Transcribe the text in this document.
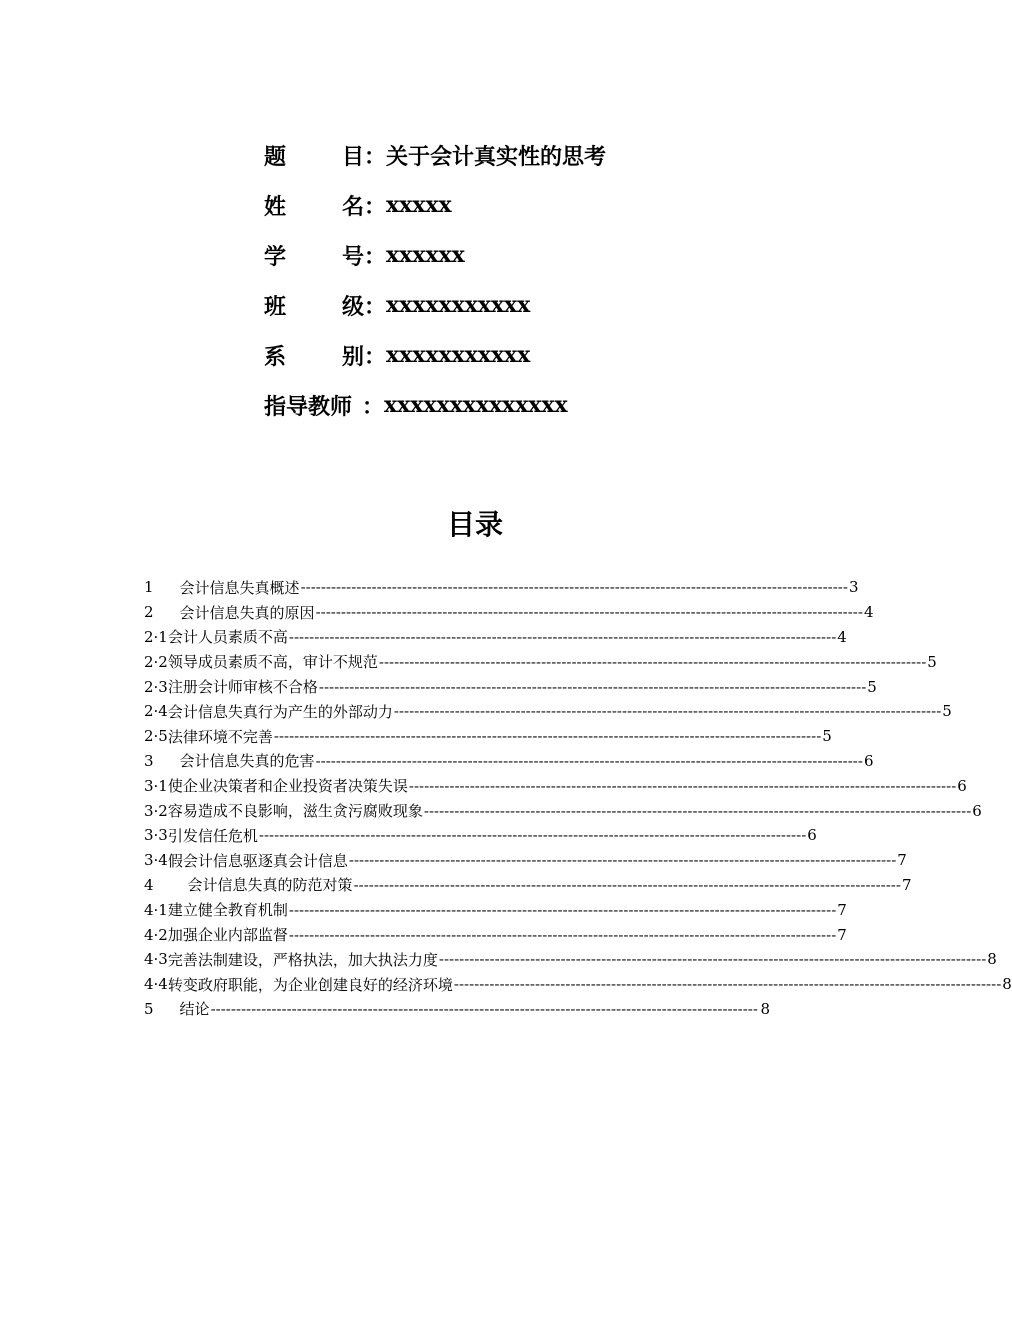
题	目 ： 关于会计真实性的思考
姓	名 ： xxxxx
学	号 ： xxxxxx
班	级 ： xxxxxxxxxxx
系	别 ： xxxxxxxxxxx
指导教师 ： xxxxxxxxxxxxxx
目录
1	会计信息失真概述 ------------------------------------------------------------------------------------------------------------ 3
2	会计信息失真的原因 ------------------------------------------------------------------------------------------------------------ 4
2·1 会计人员素质不高 ------------------------------------------------------------------------------------------------------------ 4
2·2 领导成员素质不高，审计不规范 ------------------------------------------------------------------------------------------------------------ 5
2·3 注册会计师审核不合格 ------------------------------------------------------------------------------------------------------------ 5
2·4 会计信息失真行为产生的外部动力 ------------------------------------------------------------------------------------------------------------ 5
2·5 法律环境不完善 ------------------------------------------------------------------------------------------------------------ 5
3	会计信息失真的危害 ------------------------------------------------------------------------------------------------------------ 6
3·1 使企业决策者和企业投资者决策失误 ------------------------------------------------------------------------------------------------------------ 6
3·2 容易造成不良影响，滋生贪污腐败现象 ------------------------------------------------------------------------------------------------------------ 6
3·3 引发信任危机 ------------------------------------------------------------------------------------------------------------ 6
3·4 假会计信息驱逐真会计信息 ------------------------------------------------------------------------------------------------------------ 7
4	会计信息失真的防范对策 ------------------------------------------------------------------------------------------------------------ 7
4·1 建立健全教育机制 ------------------------------------------------------------------------------------------------------------ 7
4·2 加强企业内部监督 ------------------------------------------------------------------------------------------------------------ 7
4·3 完善法制建设，严格执法，加大执法力度 ------------------------------------------------------------------------------------------------------------ 8
4·4 转变政府职能，为企业创建良好的经济环境 ------------------------------------------------------------------------------------------------------------ 8
5	结论 ------------------------------------------------------------------------------------------------------------ 8
